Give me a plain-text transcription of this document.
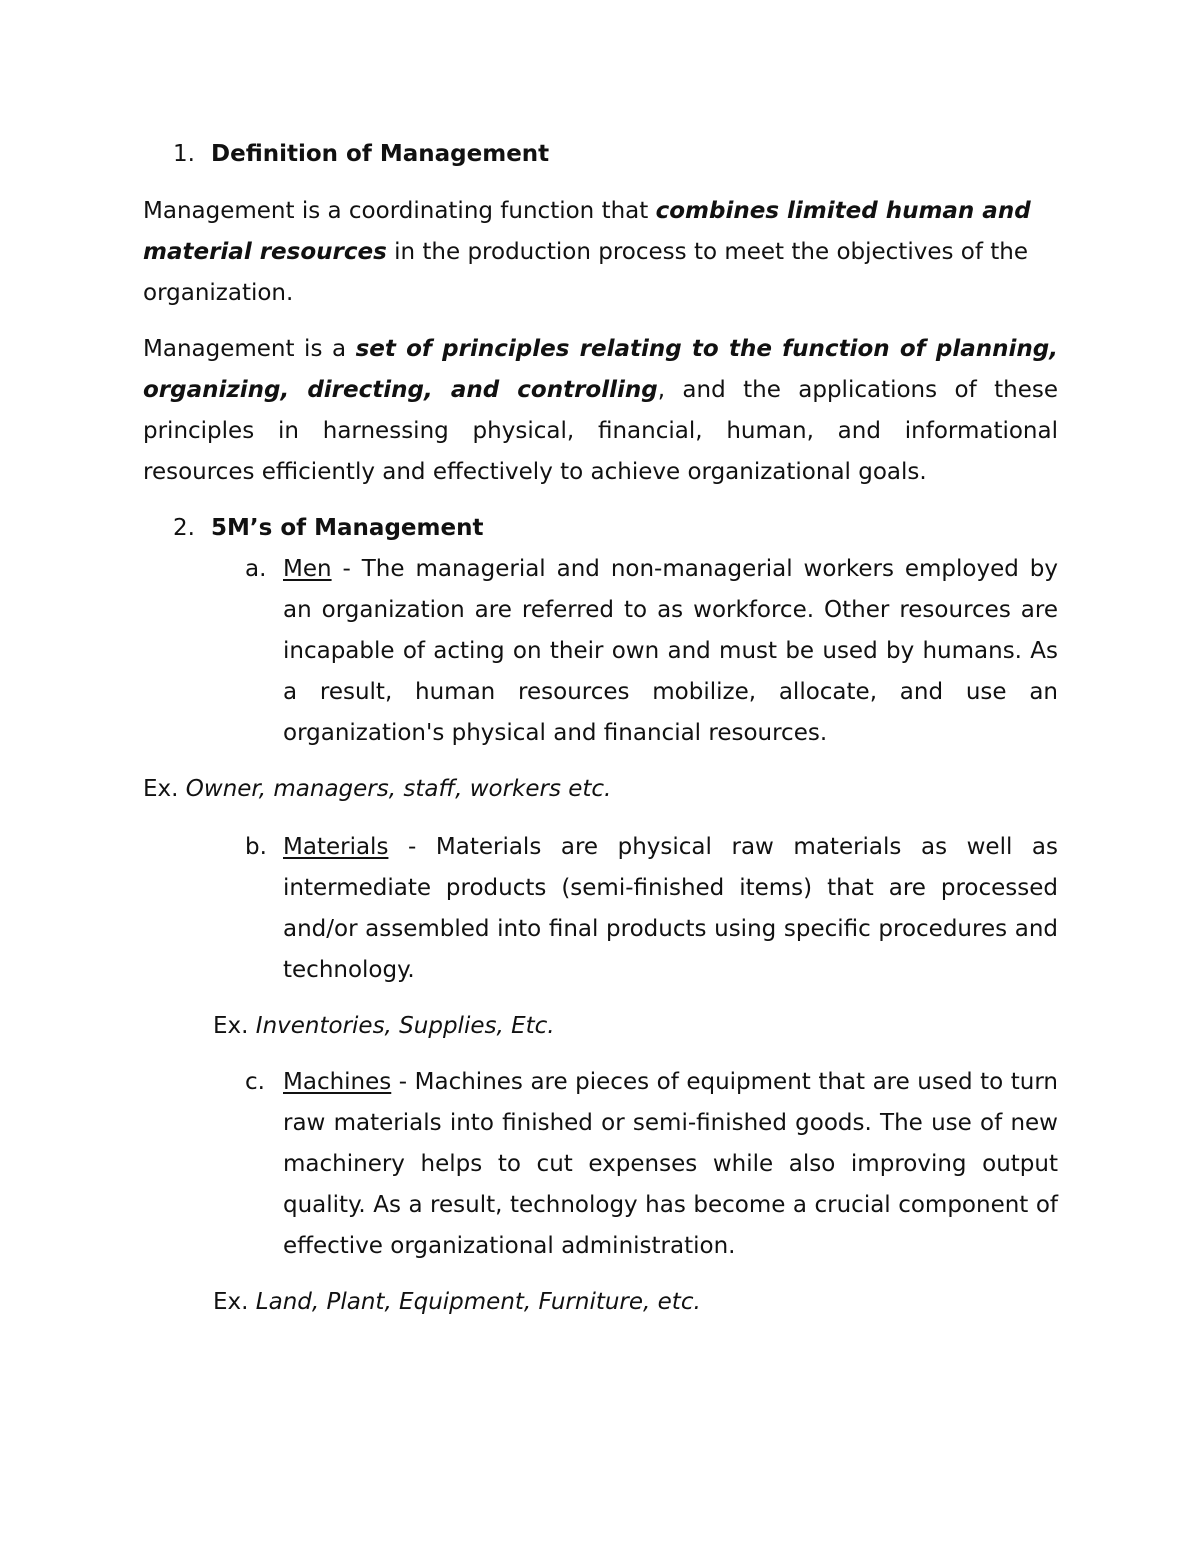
1. Definition of Management

Management is a coordinating function that combines limited human and material resources in the production process to meet the objectives of the organization.

Management is a set of principles relating to the function of planning, organizing, directing, and controlling, and the applications of these principles in harnessing physical, financial, human, and informational resources efficiently and effectively to achieve organizational goals.

2. 5M’s of Management

a. Men - The managerial and non-managerial workers employed by an organization are referred to as workforce. Other resources are incapable of acting on their own and must be used by humans. As a result, human resources mobilize, allocate, and use an organization's physical and financial resources.

Ex. Owner, managers, staff, workers etc.

b. Materials - Materials are physical raw materials as well as intermediate products (semi-finished items) that are processed and/or assembled into final products using specific procedures and technology.

Ex. Inventories, Supplies, Etc.

c. Machines - Machines are pieces of equipment that are used to turn raw materials into finished or semi-finished goods. The use of new machinery helps to cut expenses while also improving output quality. As a result, technology has become a crucial component of effective organizational administration.

Ex. Land, Plant, Equipment, Furniture, etc.
